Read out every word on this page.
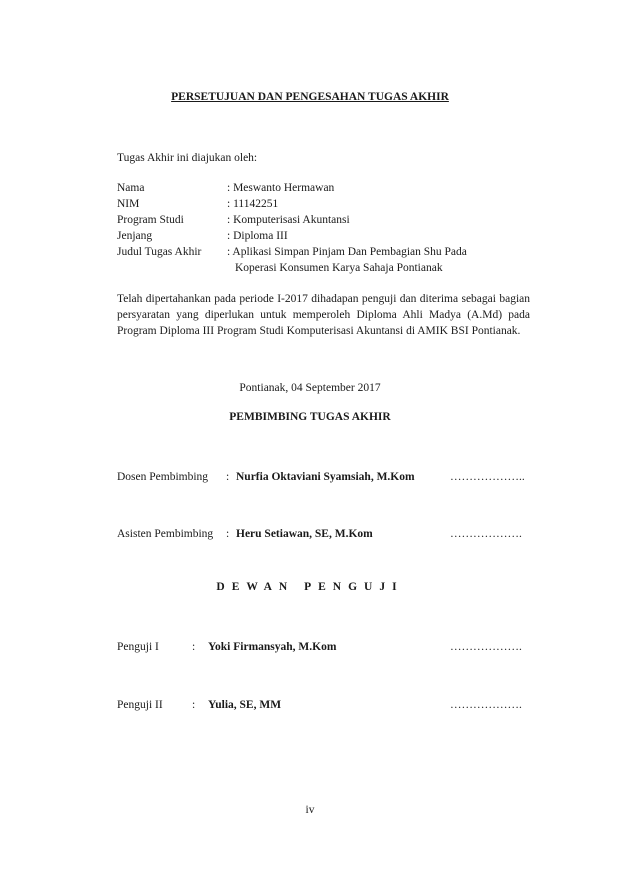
PERSETUJUAN DAN PENGESAHAN TUGAS AKHIR
Tugas Akhir ini diajukan oleh:
Nama	: Meswanto Hermawan
NIM	: 11142251
Program Studi	: Komputerisasi Akuntansi
Jenjang	: Diploma III
Judul Tugas Akhir : Aplikasi Simpan Pinjam Dan Pembagian Shu Pada
Koperasi Konsumen Karya Sahaja Pontianak
Telah dipertahankan pada periode I-2017 dihadapan penguji dan diterima sebagai bagian persyaratan yang diperlukan untuk memperoleh Diploma Ahli Madya (A.Md) pada Program Diploma III Program Studi Komputerisasi Akuntansi di AMIK BSI Pontianak.
Pontianak, 04 September 2017
PEMBIMBING TUGAS AKHIR
Dosen Pembimbing : Nurfia Oktaviani Syamsiah, M.Kom	………………..
Asisten Pembimbing : Heru Setiawan, SE, M.Kom	……………….
DEWAN PENGUJI
Penguji I	: Yoki Firmansyah, M.Kom	……………….
Penguji II	: Yulia, SE, MM	……………….
iv
